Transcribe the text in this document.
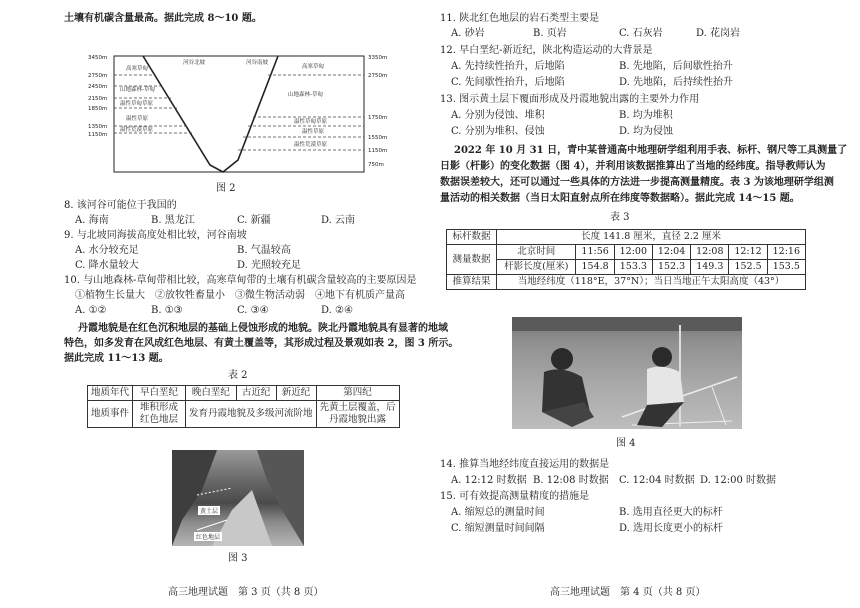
土壤有机碳含量最高。据此完成 8～10 题。
3450m
2750m
2450m
2150m
1850m
1350m
1150m
3350m
2750m
1750m
1550m
1150m
750m
河谷北坡	河谷南坡
高寒草甸
山地森林-草甸
温性草甸草原
温性草原
温性荒漠草原
高寒草甸
山地森林-草甸
温性草甸草原
温性草原
温性荒漠草原
图 2
8. 该河谷可能位于我国的
A. 海南	B. 黑龙江	C. 新疆	D. 云南
9. 与北坡同海拔高度处相比较，河谷南坡
A. 水分较充足	B. 气温较高
C. 降水量较大	D. 光照较充足
10. 与山地森林-草甸带相比较，高寒草甸带的土壤有机碳含量较高的主要原因是
①植物生长量大　②放牧牲畜量小　③微生物活动弱　④地下有机质产量高
A. ①②	B. ①③	C. ③④	D. ②④
丹霞地貌是在红色沉积地层的基础上侵蚀形成的地貌。陕北丹霞地貌具有显著的地域
特色，如多发育在风成红色地层、有黄土覆盖等，其形成过程及景观如表 2，图 3 所示。
据此完成 11～13 题。
表 2
地质年代	早白垩纪	晚白垩纪	古近纪	新近纪	第四纪
地质事件	堆积形成红色地层	发育丹霞地貌及多级河流阶地			先黄土层覆盖，后丹霞地貌出露
黄土层
红色地层
图 3
高三地理试题　第 3 页（共 8 页）
11. 陕北红色地层的岩石类型主要是
A. 砂岩	B. 页岩	C. 石灰岩	D. 花岗岩
12. 早白垩纪-新近纪，陕北构造运动的大背景是
A. 先持续性抬升，后地陷	B. 先地陷，后间歇性抬升
C. 先间歇性抬升，后地陷	D. 先地陷，后持续性抬升
13. 图示黄土层下覆面形成及丹霞地貌出露的主要外力作用
A. 分别为侵蚀、堆积	B. 均为堆积
C. 分别为堆积、侵蚀	D. 均为侵蚀
2022 年 10 月 31 日，青中某普通高中地理研学组利用手表、标杆、钢尺等工具测量了
日影（杆影）的变化数据（图 4），并利用该数据推算出了当地的经纬度。指导教师认为
数据误差较大，还可以通过一些具体的方法进一步提高测量精度。表 3 为该地理研学组测
量活动的相关数据（当日太阳直射点所在纬度等数据略）。据此完成 14～15 题。
表 3
标杆数据	长度 141.8 厘米，直径 2.2 厘米						
测量数据	北京时间	11:56	12:00	12:04	12:08	12:12	12:16
	杆影长度(厘米)	154.8	153.3	152.3	149.3	152.5	153.5
推算结果	当地经纬度（118°E，37°N）；当日当地正午太阳高度（43°）						
图 4
14. 推算当地经纬度直接运用的数据是
A. 12:12 时数据 B. 12:08 时数据 C. 12:04 时数据 D. 12:00 时数据
15. 可有效提高测量精度的措施是
A. 缩短总的测量时间	B. 选用直径更大的标杆
C. 缩短测量时间间隔	D. 选用长度更小的标杆
高三地理试题　第 4 页（共 8 页）
